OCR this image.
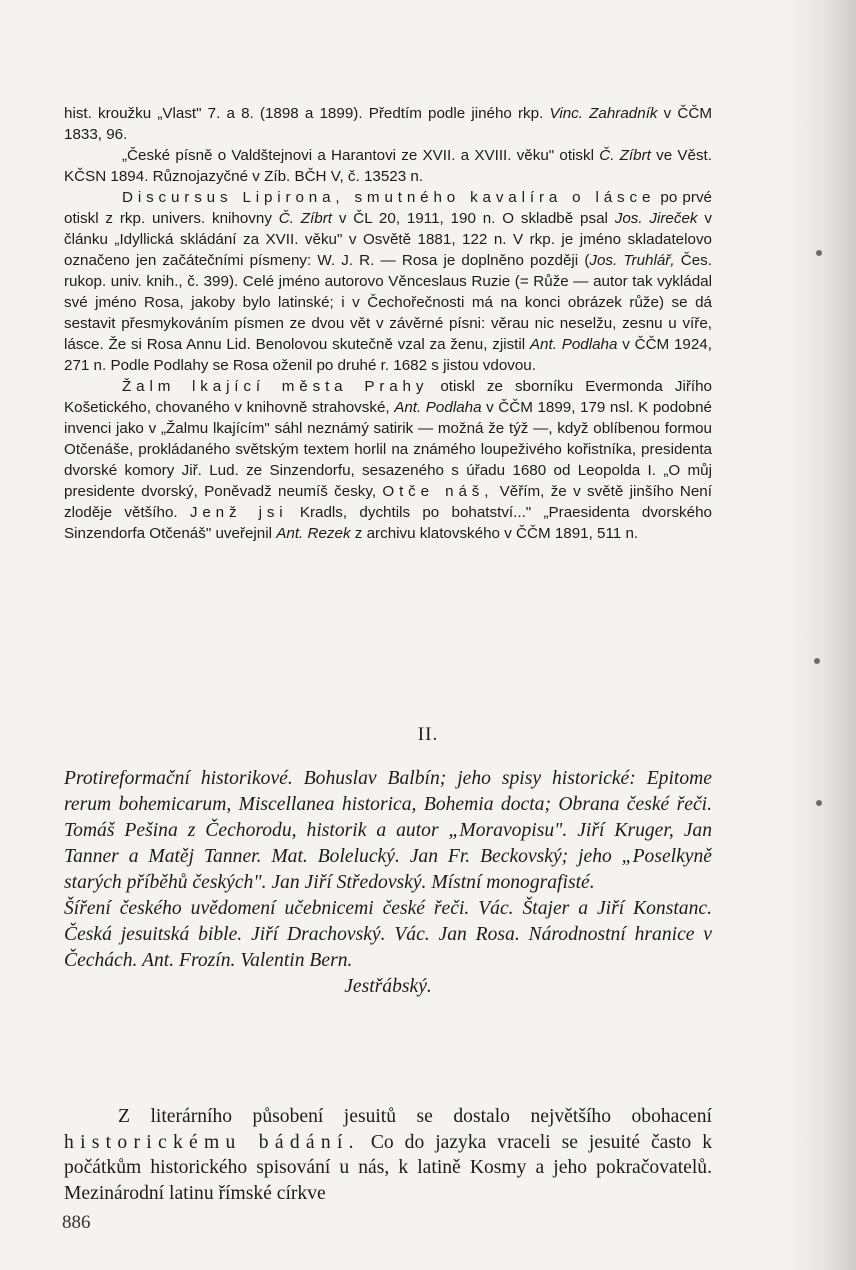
hist. kroužku „Vlast" 7. a 8. (1898 a 1899). Předtím podle jiného rkp. Vinc. Zahradník v ČČM 1833, 96.

„České písně o Valdštejnovi a Harantovi ze XVII. a XVIII. věku" otiskl Č. Zíbrt ve Věst. KČSN 1894. Různojazyčné v Zíb. BČH V, č. 13523 n.

Discursus Lipirona, smutného kavalíra o lásce po prvé otiskl z rkp. univers. knihovny Č. Zíbrt v ČL 20, 1911, 190 n. O skladbě psal Jos. Jireček v článku „Idyllická skládání za XVII. věku" v Osvětě 1881, 122 n. V rkp. je jméno skladatelovo označeno jen začátečními písmeny: W. J. R. — Rosa je doplněno později (Jos. Truhlář, Čes. rukop. univ. knih., č. 399). Celé jméno autorovo Věnceslaus Ruzie (= Růže — autor tak vykládal své jméno Rosa, jakoby bylo latinské; i v Čechořečnosti má na konci obrázek růže) se dá sestavit přesmykováním písmen ze dvou vět v závěrné písni: věrau nic neselžu, zesnu u víře, lásce. Že si Rosa Annu Lid. Benolovou skutečně vzal za ženu, zjistil Ant. Podlaha v ČČM 1924, 271 n. Podle Podlahy se Rosa oženil po druhé r. 1682 s jistou vdovou.

Žalm lkající města Prahy otiskl ze sborníku Evermonda Jiřího Košetického, chovaného v knihovně strahovské, Ant. Podlaha v ČČM 1899, 179 nsl. K podobné invenci jako v „Žalmu lkajícím" sáhl neznámý satirik — možná že týž —, když oblíbenou formou Otčenáše, prokládaného světským textem horlil na známého loupeživého kořistníka, presidenta dvorské komory Jiř. Lud. ze Sinzendorfu, sesazeného s úřadu 1680 od Leopolda I. „O můj presidente dvorský, Poněvadž neumíš česky, Otče náš, Věřím, že v světě jinšího Není zloděje většího. Jenž jsi Kradls, dychtils po bohatství..." „Praesidenta dvorského Sinzendorfa Otčenáš" uveřejnil Ant. Rezek z archivu klatovského v ČČM 1891, 511 n.

II.

Protireformační historikové. Bohuslav Balbín; jeho spisy historické: Epitome rerum bohemicarum, Miscellanea historica, Bohemia docta; Obrana české řeči. Tomáš Pešina z Čechorodu, historik a autor „Moravopisu". Jiří Kruger, Jan Tanner a Matěj Tanner. Mat. Bolelucký. Jan Fr. Beckovský; jeho „Poselkyně starých příběhů českých". Jan Jiří Středovský. Místní monografisté.

Šíření českého uvědomení učebnicemi české řeči. Vác. Štajer a Jiří Konstanc. Česká jesuitská bible. Jiří Drachovský. Vác. Jan Rosa. Národnostní hranice v Čechách. Ant. Frozín. Valentin Bern.
Jestřábský.

Z literárního působení jesuitů se dostalo největšího obohacení historickému bádání. Co do jazyka vraceli se jesuité často k počátkům historického spisování u nás, k latině Kosmy a jeho pokračovatelů. Mezinárodní latinu římské církve

886
